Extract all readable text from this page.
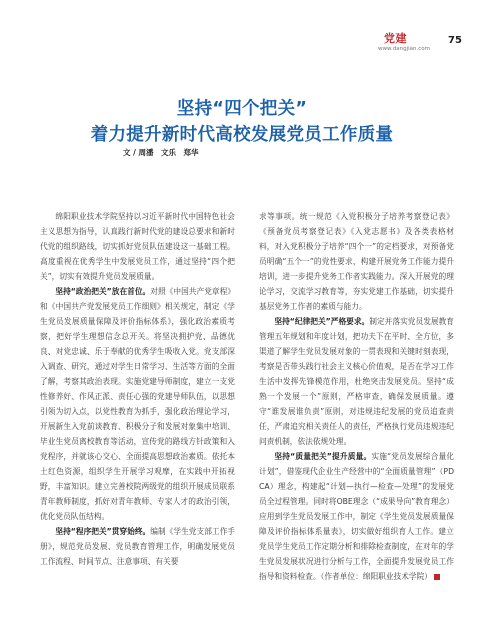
党建
www.dangjian.com
75
坚持“四个把关”
着力提升新时代高校发展党员工作质量
文 / 周潘　文乐　郑华

绵阳职业技术学院坚持以习近平新时代中国特色社会主义思想为指导，认真践行新时代党的建设总要求和新时代党的组织路线，切实抓好党员队伍建设这一基础工程。高度重视在优秀学生中发展党员工作，通过坚持“四个把关”，切实有效提升党员发展质量。

坚持“政治把关”放在首位。对照《中国共产党章程》和《中国共产党发展党员工作细则》相关规定，制定《学生党员发展质量保障及评价指标体系》，强化政治素质考察，把好学生理想信念总开关。将坚决拥护党、品德优良、对党忠诚、乐于奉献的优秀学生吸收入党。党支部深入调查、研究，通过对学生日常学习、生活等方面的全面了解，考察其政治表现。实施党建导师制度，建立一支党性修养好、作风正派、责任心强的党建导师队伍，以思想引领为切入点，以党性教育为抓手，强化政治理论学习，开展新生入党前谈教育、积极分子和发展对象集中培训、毕业生党员离校教育等活动，宣传党的路线方针政策和入党程序，并就该心交心、全面提高思想政治素质。依托本土红色资源，组织学生开展学习观摩，在实践中开拓视野，丰富知识。建立完善校院两级党的组织开展成员联系青年教师制度，抓好对青年教师、专家人才的政治引领，优化党员队伍结构。

坚持“程序把关”贯穿始终。编制《学生党支部工作手册》，规范党员发展、党员教育管理工作，明确发展党员工作流程、时间节点、注意事项、有关要

求等事项。统一规范《入党积极分子培养考察登记表》《预备党员考察登记表》《入党志愿书》及各类表格材料，对入党积极分子培养“四个一”的定档要求，对预备党员明确“五个一”的党性要求，构建开展党务工作能力提升培训，进一步提升党务工作者实践能力。深入开展党的理论学习，交流学习教育等，夯实党建工作基础，切实提升基层党务工作者的素质与能力。

坚持“纪律把关”严格要求。制定并落实党员发展教育管理五年规划和年度计划，把功夫下在平时、全方位，多渠道了解学生党员发展对象的一贯表现和关键时刻表现，考察是否带头践行社会主义核心价值观，是否在学习工作生活中发挥先锋模范作用，杜绝突击发展党员。坚持“成熟一个发展一个”原则，严格审查，确保发展质量。遵守“谁发展谁负责”原则，对违规违纪发展的党员追查责任，严肃追究相关责任人的责任，严格执行党员违规违纪问责机制，依法依规处理。

坚持“质量把关”提升质量。实施“党员发展综合量化计划”，借鉴现代企业生产经营中的“全面质量管理”（PDCA）理念，构建起“计划—执行—检查—处理”的发展党员全过程管理。同时将OBE理念（“成果导向”教育理念）应用到学生党员发展工作中，制定《学生党员发展质量保障及评价指标体系量表》，切实做好组织育人工作。建立党员学生党员工作定期分析和排除检查制度，在对年的学生党员发展状况进行分析与工作，全面提升发展党员工作指导和资料检查。（作者单位：绵阳职业技术学院）
